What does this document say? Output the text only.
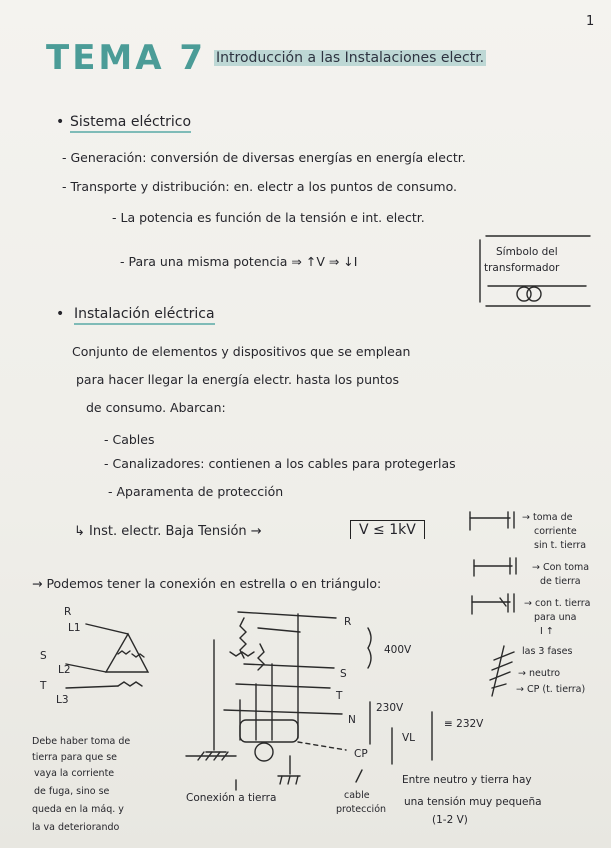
1
TEMA 7 Introducción a las Instalaciones electr.
• Sistema eléctrico
- Generación: conversión de diversas energías en energía electr.
- Transporte y distribución: en. electr a los puntos de consumo.
- La potencia es función de la tensión e int. electr.
- Para una misma potencia ⇒ ↑V ⇒ ↓I
Símbolo del
transformador
• Instalación eléctrica
Conjunto de elementos y dispositivos que se emplean
para hacer llegar la energía electr. hasta los puntos
de consumo. Abarcan:
- Cables
- Canalizadores: contienen a los cables para protegerlas
- Aparamenta de protección
↳ Inst. electr. Baja Tensión →	V ≤ 1kV
→ toma de
corriente
sin t. tierra
→ Con toma
de tierra
→ con t. tierra
para una
I ↑
las 3 fases
→ neutro
→ CP (t. tierra)
→ Podemos tener la conexión en estrella o en triángulo:
R
L1
S
L2
T
L3
R
S
T
N
400V
230V
VL
≡ 232V
CP
Debe haber toma de
tierra para que se
vaya la corriente
de fuga, sino se
queda en la máq. y
la va deteriorando
Conexión a tierra	cable
protección
Entre neutro y tierra hay
una tensión muy pequeña
(1-2 V)
